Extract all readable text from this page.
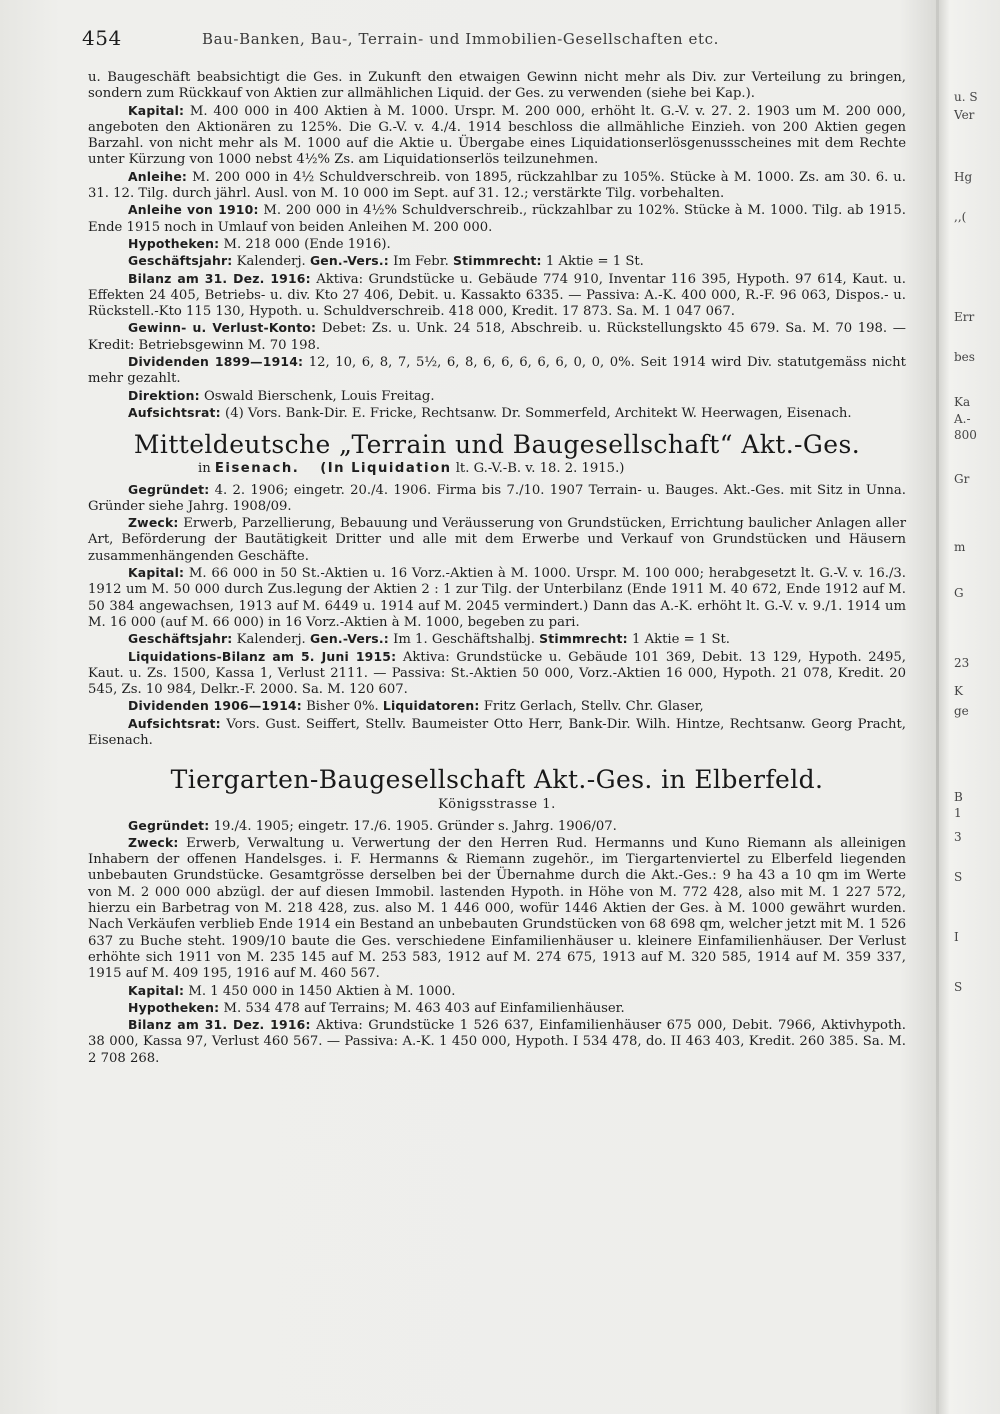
454	Bau-Banken, Bau-, Terrain- und Immobilien-Gesellschaften etc.

u. Baugeschäft beabsichtigt die Ges. in Zukunft den etwaigen Gewinn nicht mehr als Div. zur Verteilung zu bringen, sondern zum Rückkauf von Aktien zur allmählichen Liquid. der Ges. zu verwenden (siehe bei Kap.).

Kapital: M. 400 000 in 400 Aktien à M. 1000. Urspr. M. 200 000, erhöht lt. G.-V. v. 27. 2. 1903 um M. 200 000, angeboten den Aktionären zu 125%. Die G.-V. v. 4./4. 1914 beschloss die allmähliche Einzieh. von 200 Aktien gegen Barzahl. von nicht mehr als M. 1000 auf die Aktie u. Übergabe eines Liquidationserlösgenussscheines mit dem Rechte unter Kürzung von 1000 nebst 4½% Zs. am Liquidationserlös teilzunehmen.

Anleihe: M. 200 000 in 4½ Schuldverschreib. von 1895, rückzahlbar zu 105%. Stücke à M. 1000. Zs. am 30. 6. u. 31. 12. Tilg. durch jährl. Ausl. von M. 10 000 im Sept. auf 31. 12.; verstärkte Tilg. vorbehalten.

Anleihe von 1910: M. 200 000 in 4½% Schuldverschreib., rückzahlbar zu 102%. Stücke à M. 1000. Tilg. ab 1915. Ende 1915 noch in Umlauf von beiden Anleihen M. 200 000.

Hypotheken: M. 218 000 (Ende 1916).

Geschäftsjahr: Kalenderj. Gen.-Vers.: Im Febr. Stimmrecht: 1 Aktie = 1 St.

Bilanz am 31. Dez. 1916: Aktiva: Grundstücke u. Gebäude 774 910, Inventar 116 395, Hypoth. 97 614, Kaut. u. Effekten 24 405, Betriebs- u. div. Kto 27 406, Debit. u. Kassakto 6335. — Passiva: A.-K. 400 000, R.-F. 96 063, Dispos.- u. Rückstell.-Kto 115 130, Hypoth. u. Schuldverschreib. 418 000, Kredit. 17 873. Sa. M. 1 047 067.

Gewinn- u. Verlust-Konto: Debet: Zs. u. Unk. 24 518, Abschreib. u. Rückstellungskto 45 679. Sa. M. 70 198. — Kredit: Betriebsgewinn M. 70 198.

Dividenden 1899—1914: 12, 10, 6, 8, 7, 5½, 6, 8, 6, 6, 6, 6, 6, 0, 0, 0%. Seit 1914 wird Div. statutgemäss nicht mehr gezahlt.

Direktion: Oswald Bierschenk, Louis Freitag.

Aufsichtsrat: (4) Vors. Bank-Dir. E. Fricke, Rechtsanw. Dr. Sommerfeld, Architekt W. Heerwagen, Eisenach.

Mitteldeutsche „Terrain und Baugesellschaft“ Akt.-Ges.
in Eisenach. (In Liquidation lt. G.-V.-B. v. 18. 2. 1915.)

Gegründet: 4. 2. 1906; eingetr. 20./4. 1906. Firma bis 7./10. 1907 Terrain- u. Bauges. Akt.-Ges. mit Sitz in Unna. Gründer siehe Jahrg. 1908/09.

Zweck: Erwerb, Parzellierung, Bebauung und Veräusserung von Grundstücken, Errichtung baulicher Anlagen aller Art, Beförderung der Bautätigkeit Dritter und alle mit dem Erwerbe und Verkauf von Grundstücken und Häusern zusammenhängenden Geschäfte.

Kapital: M. 66 000 in 50 St.-Aktien u. 16 Vorz.-Aktien à M. 1000. Urspr. M. 100 000; herabgesetzt lt. G.-V. v. 16./3. 1912 um M. 50 000 durch Zus.legung der Aktien 2 : 1 zur Tilg. der Unterbilanz (Ende 1911 M. 40 672, Ende 1912 auf M. 50 384 angewachsen, 1913 auf M. 6449 u. 1914 auf M. 2045 vermindert.) Dann das A.-K. erhöht lt. G.-V. v. 9./1. 1914 um M. 16 000 (auf M. 66 000) in 16 Vorz.-Aktien à M. 1000, begeben zu pari.

Geschäftsjahr: Kalenderj. Gen.-Vers.: Im 1. Geschäftshalbj. Stimmrecht: 1 Aktie = 1 St.

Liquidations-Bilanz am 5. Juni 1915: Aktiva: Grundstücke u. Gebäude 101 369, Debit. 13 129, Hypoth. 2495, Kaut. u. Zs. 1500, Kassa 1, Verlust 2111. — Passiva: St.-Aktien 50 000, Vorz.-Aktien 16 000, Hypoth. 21 078, Kredit. 20 545, Zs. 10 984, Delkr.-F. 2000. Sa. M. 120 607.

Dividenden 1906—1914: Bisher 0%. Liquidatoren: Fritz Gerlach, Stellv. Chr. Glaser,

Aufsichtsrat: Vors. Gust. Seiffert, Stellv. Baumeister Otto Herr, Bank-Dir. Wilh. Hintze, Rechtsanw. Georg Pracht, Eisenach.

Tiergarten-Baugesellschaft Akt.-Ges. in Elberfeld.
Königsstrasse 1.

Gegründet: 19./4. 1905; eingetr. 17./6. 1905. Gründer s. Jahrg. 1906/07.

Zweck: Erwerb, Verwaltung u. Verwertung der den Herren Rud. Hermanns und Kuno Riemann als alleinigen Inhabern der offenen Handelsges. i. F. Hermanns & Riemann zugehör., im Tiergartenviertel zu Elberfeld liegenden unbebauten Grundstücke. Gesamtgrösse derselben bei der Übernahme durch die Akt.-Ges.: 9 ha 43 a 10 qm im Werte von M. 2 000 000 abzügl. der auf diesen Immobil. lastenden Hypoth. in Höhe von M. 772 428, also mit M. 1 227 572, hierzu ein Barbetrag von M. 218 428, zus. also M. 1 446 000, wofür 1446 Aktien der Ges. à M. 1000 gewährt wurden. Nach Verkäufen verblieb Ende 1914 ein Bestand an unbebauten Grundstücken von 68 698 qm, welcher jetzt mit M. 1 526 637 zu Buche steht. 1909/10 baute die Ges. verschiedene Einfamilienhäuser u. kleinere Einfamilienhäuser. Der Verlust erhöhte sich 1911 von M. 235 145 auf M. 253 583, 1912 auf M. 274 675, 1913 auf M. 320 585, 1914 auf M. 359 337, 1915 auf M. 409 195, 1916 auf M. 460 567.

Kapital: M. 1 450 000 in 1450 Aktien à M. 1000.

Hypotheken: M. 534 478 auf Terrains; M. 463 403 auf Einfamilienhäuser.

Bilanz am 31. Dez. 1916: Aktiva: Grundstücke 1 526 637, Einfamilienhäuser 675 000, Debit. 7966, Aktivhypoth. 38 000, Kassa 97, Verlust 460 567. — Passiva: A.-K. 1 450 000, Hypoth. I 534 478, do. II 463 403, Kredit. 260 385. Sa. M. 2 708 268.

u. S
Ver
Hg
,,(
Err
bes
Ka
A.-
800
Gr
m
G
23
K
ge
B
1
3
S
I
S
